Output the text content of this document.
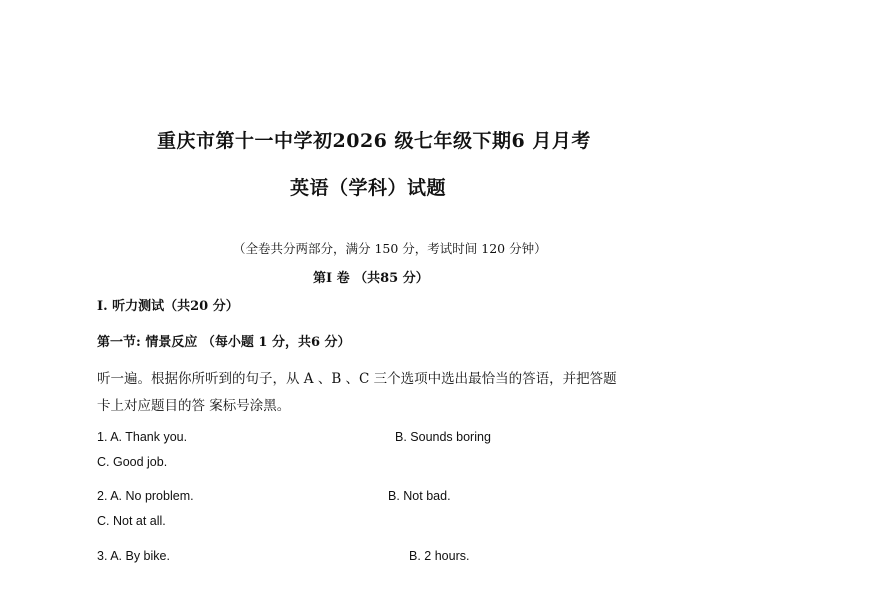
重庆市第十一中学初2026 级七年级下期6 月月考
英语（学科）试题
（全卷共分两部分，满分 150 分，考试时间 120 分钟）
第Ⅰ 卷 （共85 分）
Ⅰ. 听力测试（共20 分）
第一节: 情景反应 （每小题 1 分，共6 分）
听一遍。根据你所听到的句子，从 A 、B 、C 三个选项中选出最恰当的答语，并把答题
卡上对应题目的答 案标号涂黑。
1. A. Thank you.	B. Sounds boring
C. Good job.
2. A. No problem.	B. Not bad.
C. Not at all.
3. A. By bike.	B. 2 hours.
